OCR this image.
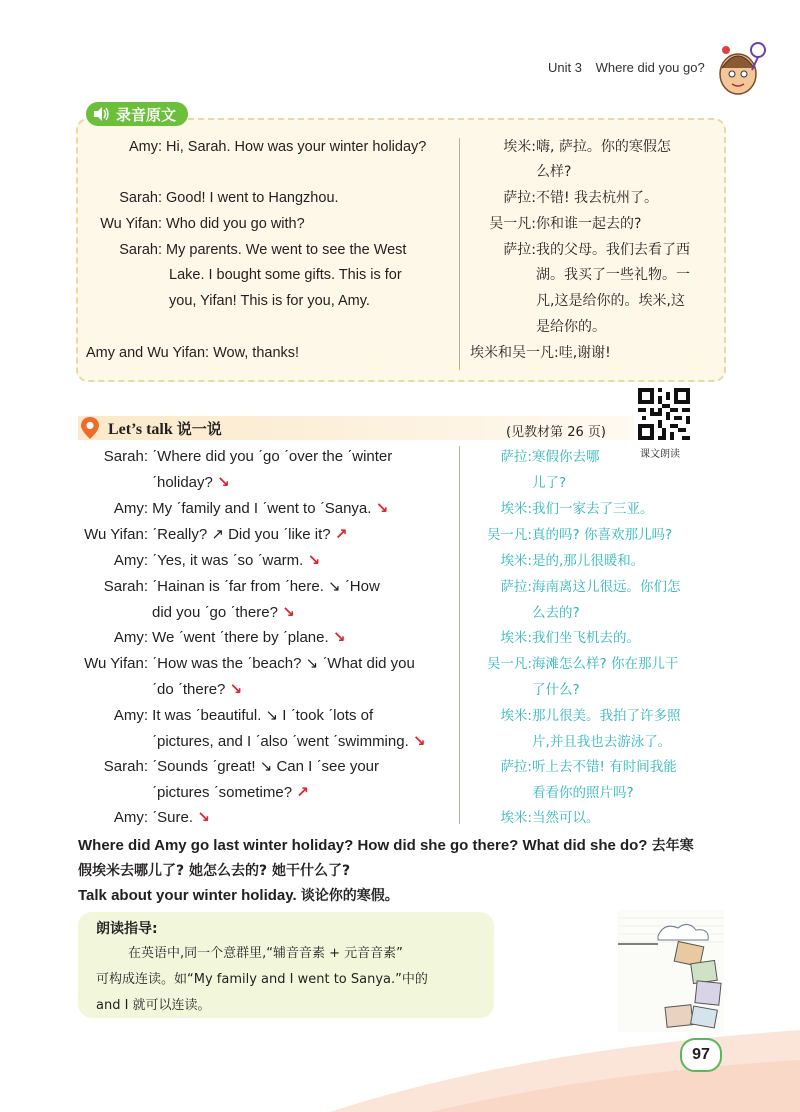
Unit 3 Where did you go?
录音原文
Amy: Hi, Sarah. How was your winter holiday?
Sarah: Good! I went to Hangzhou.
Wu Yifan: Who did you go with?
Sarah: My parents. We went to see the West
Lake. I bought some gifts. This is for
you, Yifan! This is for you, Amy.
Amy and Wu Yifan: Wow, thanks!
埃米:嗨, 萨拉。你的寒假怎
么样?
萨拉:不错! 我去杭州了。
吴一凡:你和谁一起去的?
萨拉:我的父母。我们去看了西
湖。我买了一些礼物。一
凡,这是给你的。埃米,这
是给你的。
埃米和吴一凡:哇,谢谢!
Let’s talk 说一说	(见教材第 26 页)
课文朗读
Sarah: ˊWhere did you ˊgo ˊover the ˊwinter
ˊholiday? ↘
Amy: My ˊfamily and I ˊwent to ˊSanya. ↘
Wu Yifan: ˊReally? ↗ Did you ˊlike it? ↗
Amy: ˊYes, it was ˊso ˊwarm. ↘
Sarah: ˊHainan is ˊfar from ˊhere. ↘ ˊHow
did you ˊgo ˊthere? ↘
Amy: We ˊwent ˊthere by ˊplane. ↘
Wu Yifan: ˊHow was the ˊbeach? ↘ ˊWhat did you
ˊdo ˊthere? ↘
Amy: It was ˊbeautiful. ↘ I ˊtook ˊlots of
ˊpictures, and I ˊalso ˊwent ˊswimming. ↘
Sarah: ˊSounds ˊgreat! ↘ Can I ˊsee your
ˊpictures ˊsometime? ↗
Amy: ˊSure. ↘
萨拉:寒假你去哪
儿了?
埃米:我们一家去了三亚。
吴一凡:真的吗? 你喜欢那儿吗?
埃米:是的,那儿很暖和。
萨拉:海南离这儿很远。你们怎
么去的?
埃米:我们坐飞机去的。
吴一凡:海滩怎么样? 你在那儿干
了什么?
埃米:那儿很美。我拍了许多照
片,并且我也去游泳了。
萨拉:听上去不错! 有时间我能
看看你的照片吗?
埃米:当然可以。
Where did Amy go last winter holiday? How did she go there? What did she do? 去年寒
假埃米去哪儿了? 她怎么去的? 她干什么了?
Talk about your winter holiday. 谈论你的寒假。
朗读指导:
在英语中,同一个意群里,“辅音音素 + 元音音素”
可构成连读。如“My family and I went to Sanya.”中的
and I 就可以连读。
97
